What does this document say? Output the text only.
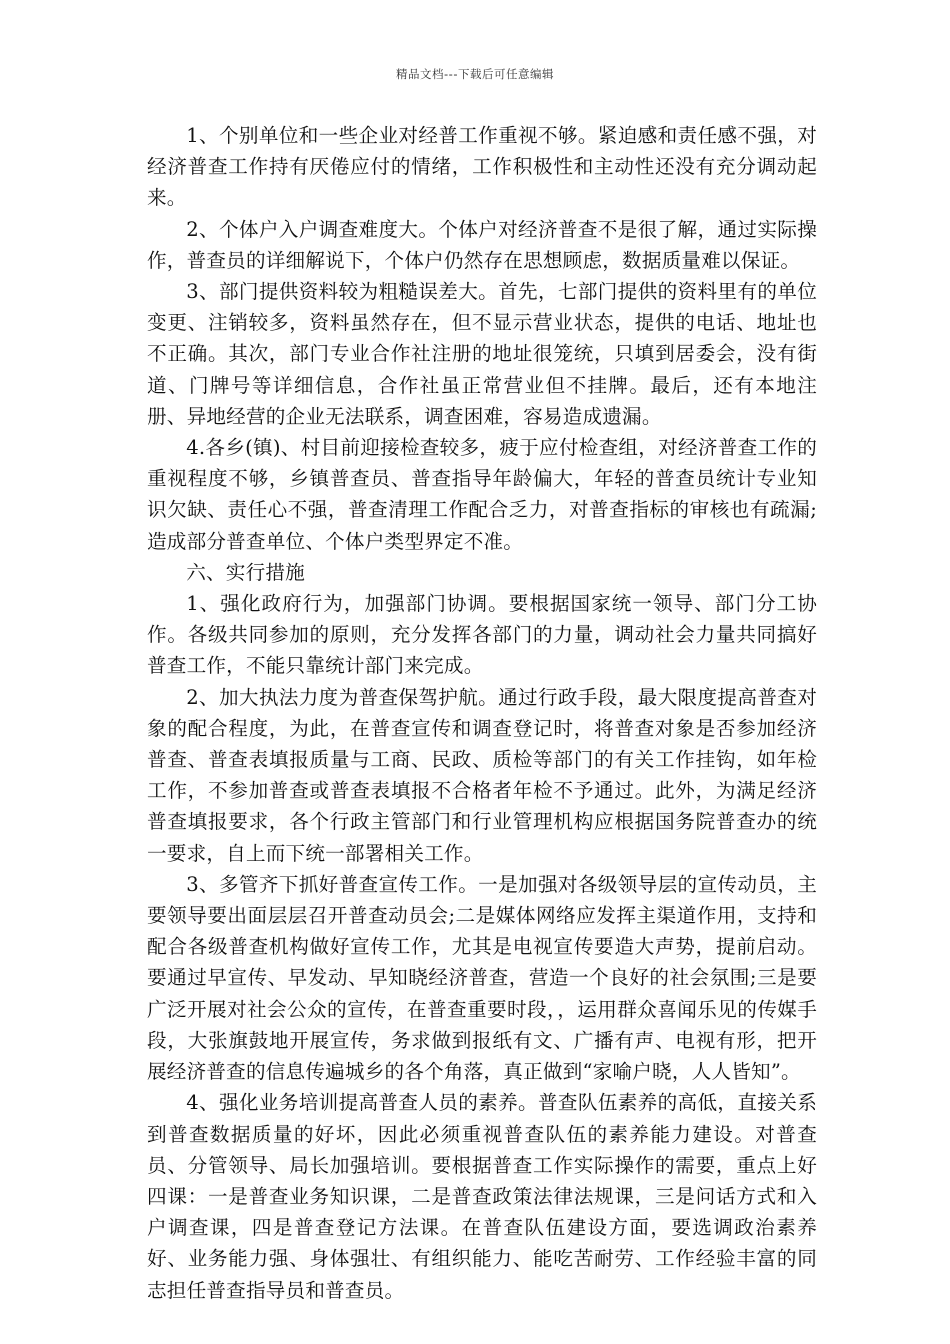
精品文档---下载后可任意编辑

1、个别单位和一些企业对经普工作重视不够。紧迫感和责任感不强，对经济普查工作持有厌倦应付的情绪，工作积极性和主动性还没有充分调动起来。

2、个体户入户调查难度大。个体户对经济普查不是很了解，通过实际操作，普查员的详细解说下，个体户仍然存在思想顾虑，数据质量难以保证。

3、部门提供资料较为粗糙误差大。首先，七部门提供的资料里有的单位变更、注销较多，资料虽然存在，但不显示营业状态，提供的电话、地址也不正确。其次，部门专业合作社注册的地址很笼统，只填到居委会，没有街道、门牌号等详细信息，合作社虽正常营业但不挂牌。最后，还有本地注册、异地经营的企业无法联系，调查困难，容易造成遗漏。

4.各乡(镇)、村目前迎接检查较多，疲于应付检查组，对经济普查工作的重视程度不够，乡镇普查员、普查指导年龄偏大，年轻的普查员统计专业知识欠缺、责任心不强，普查清理工作配合乏力，对普查指标的审核也有疏漏;造成部分普查单位、个体户类型界定不准。

六、实行措施

1、强化政府行为，加强部门协调。要根据国家统一领导、部门分工协作。各级共同参加的原则，充分发挥各部门的力量，调动社会力量共同搞好普查工作，不能只靠统计部门来完成。

2、加大执法力度为普查保驾护航。通过行政手段，最大限度提高普查对象的配合程度，为此，在普查宣传和调查登记时，将普查对象是否参加经济普查、普查表填报质量与工商、民政、质检等部门的有关工作挂钩，如年检工作，不参加普查或普查表填报不合格者年检不予通过。此外，为满足经济普查填报要求，各个行政主管部门和行业管理机构应根据国务院普查办的统一要求，自上而下统一部署相关工作。

3、多管齐下抓好普查宣传工作。一是加强对各级领导层的宣传动员，主要领导要出面层层召开普查动员会;二是媒体网络应发挥主渠道作用，支持和配合各级普查机构做好宣传工作，尤其是电视宣传要造大声势，提前启动。要通过早宣传、早发动、早知晓经济普查，营造一个良好的社会氛围;三是要广泛开展对社会公众的宣传，在普查重要时段，，运用群众喜闻乐见的传媒手段，大张旗鼓地开展宣传，务求做到报纸有文、广播有声、电视有形，把开展经济普查的信息传遍城乡的各个角落，真正做到“家喻户晓，人人皆知”。

4、强化业务培训提高普查人员的素养。普查队伍素养的高低，直接关系到普查数据质量的好坏，因此必须重视普查队伍的素养能力建设。对普查员、分管领导、局长加强培训。要根据普查工作实际操作的需要，重点上好四课：一是普查业务知识课，二是普查政策法律法规课，三是问话方式和入户调查课，四是普查登记方法课。在普查队伍建设方面，要选调政治素养好、业务能力强、身体强壮、有组织能力、能吃苦耐劳、工作经验丰富的同志担任普查指导员和普查员。
